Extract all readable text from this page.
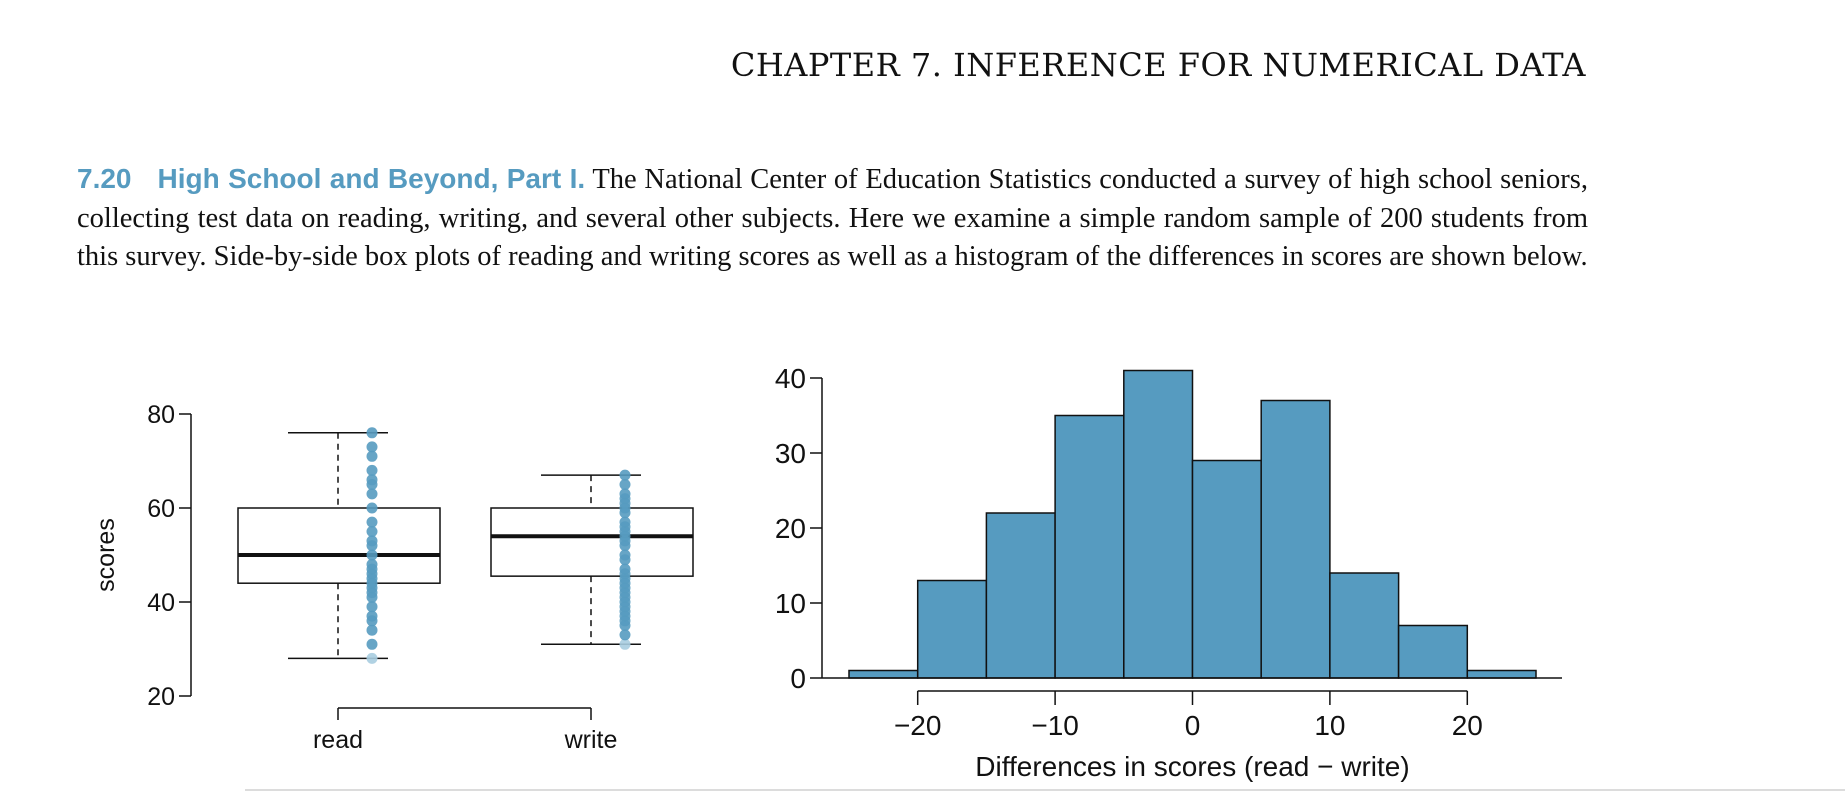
CHAPTER 7. INFERENCE FOR NUMERICAL DATA
7.20 High School and Beyond, Part I. The National Center of Education Statistics conducted a survey of high school seniors, collecting test data on reading, writing, and several other subjects. Here we examine a simple random sample of 200 students from this survey. Side-by-side box plots of reading and writing scores as well as a histogram of the differences in scores are shown below.
scores
20
40
60
80
read	write
0
10
20
30
40
−20	−10	0	10	20
Differences in scores (read − write)
